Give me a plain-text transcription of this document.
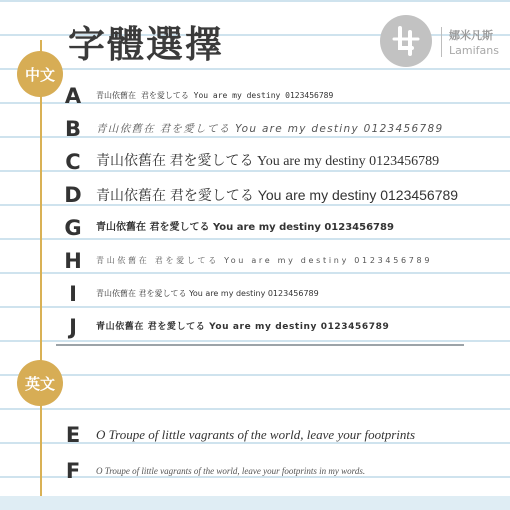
字體選擇	娜米凡斯
Lamifans
中文
A	青山依舊在 君を愛してる You are my destiny 0123456789
B 青山依舊在 君を愛してる You are my destiny 0123456789
C 青山依舊在 君を愛してる You are my destiny 0123456789
D 青山依舊在 君を愛してる You are my destiny 0123456789
G 青山依舊在 君を愛してる You are my destiny 0123456789
H 青山依舊在 君を愛してる You are my destiny 0123456789
I	青山依舊在 君を愛してる You are my destiny 0123456789
J	青山依舊在 君を愛してる You are my destiny 0123456789
英文
E O Troupe of little vagrants of the world, leave your footprints
F	O Troupe of little vagrants of the world, leave your footprints in my words.
